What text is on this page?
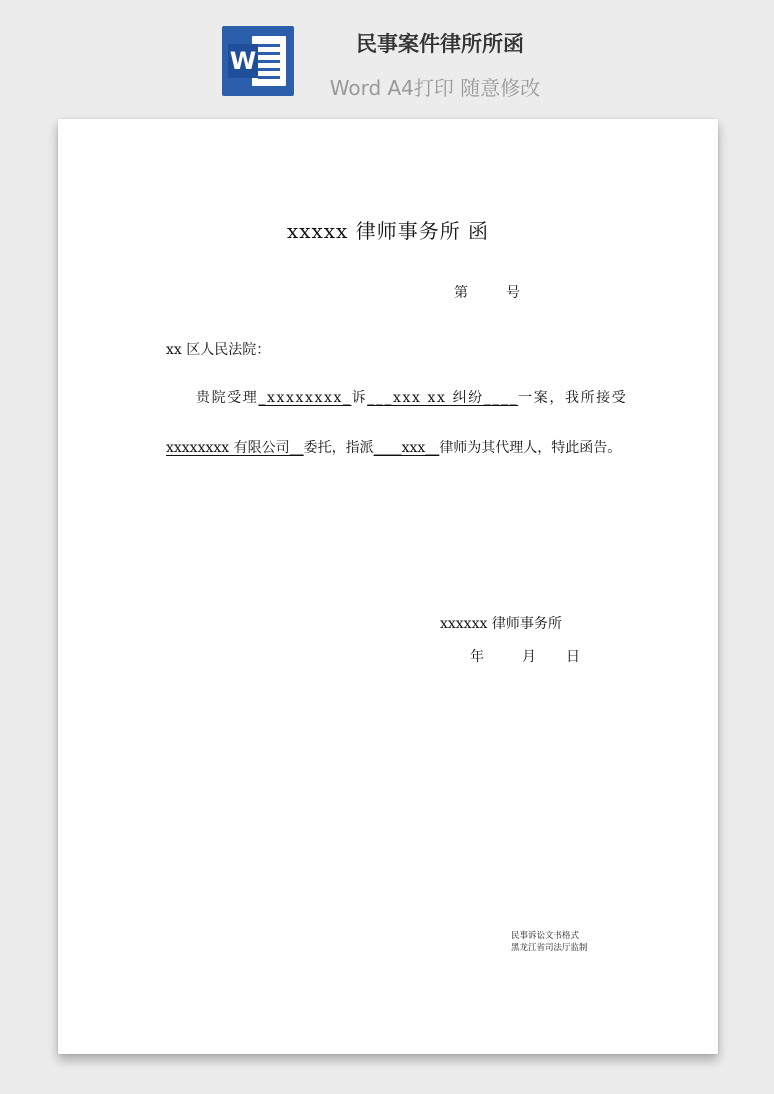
W
民事案件律所所函
Word A4打印 随意修改
xxxxx 律师事务所 函
第	号
xx 区人民法院：
贵院受理_xxxxxxxx_诉___xxx xx 纠纷____一案，我所接受
xxxxxxxx 有限公司__委托，指派____xxx__律师为其代理人，特此函告。
xxxxxx 律师事务所
年	月 日
民事诉讼文书格式
黑龙江省司法厅监制
